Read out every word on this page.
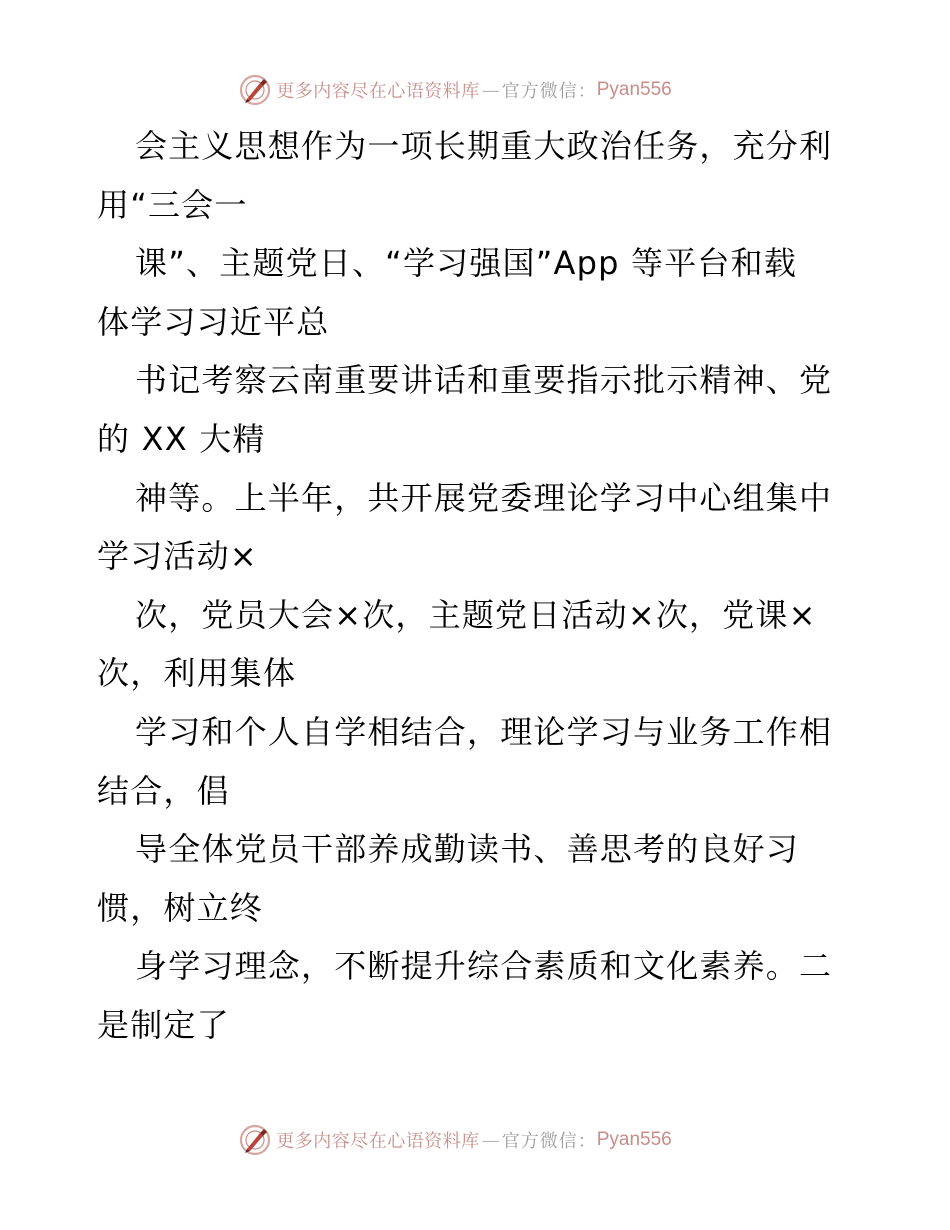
更多内容尽在心语资料库 — 官方微信： Pyan556
会主义思想作为一项长期重大政治任务，充分利
用“三会一
课”、主题党日、“学习强国”App 等平台和载
体学习习近平总
书记考察云南重要讲话和重要指示批示精神、党
的 XX 大精
神等。上半年，共开展党委理论学习中心组集中
学习活动×
次，党员大会×次，主题党日活动×次，党课×
次，利用集体
学习和个人自学相结合，理论学习与业务工作相
结合，倡
导全体党员干部养成勤读书、善思考的良好习
惯，树立终
身学习理念，不断提升综合素质和文化素养。二
是制定了
更多内容尽在心语资料库 — 官方微信： Pyan556
